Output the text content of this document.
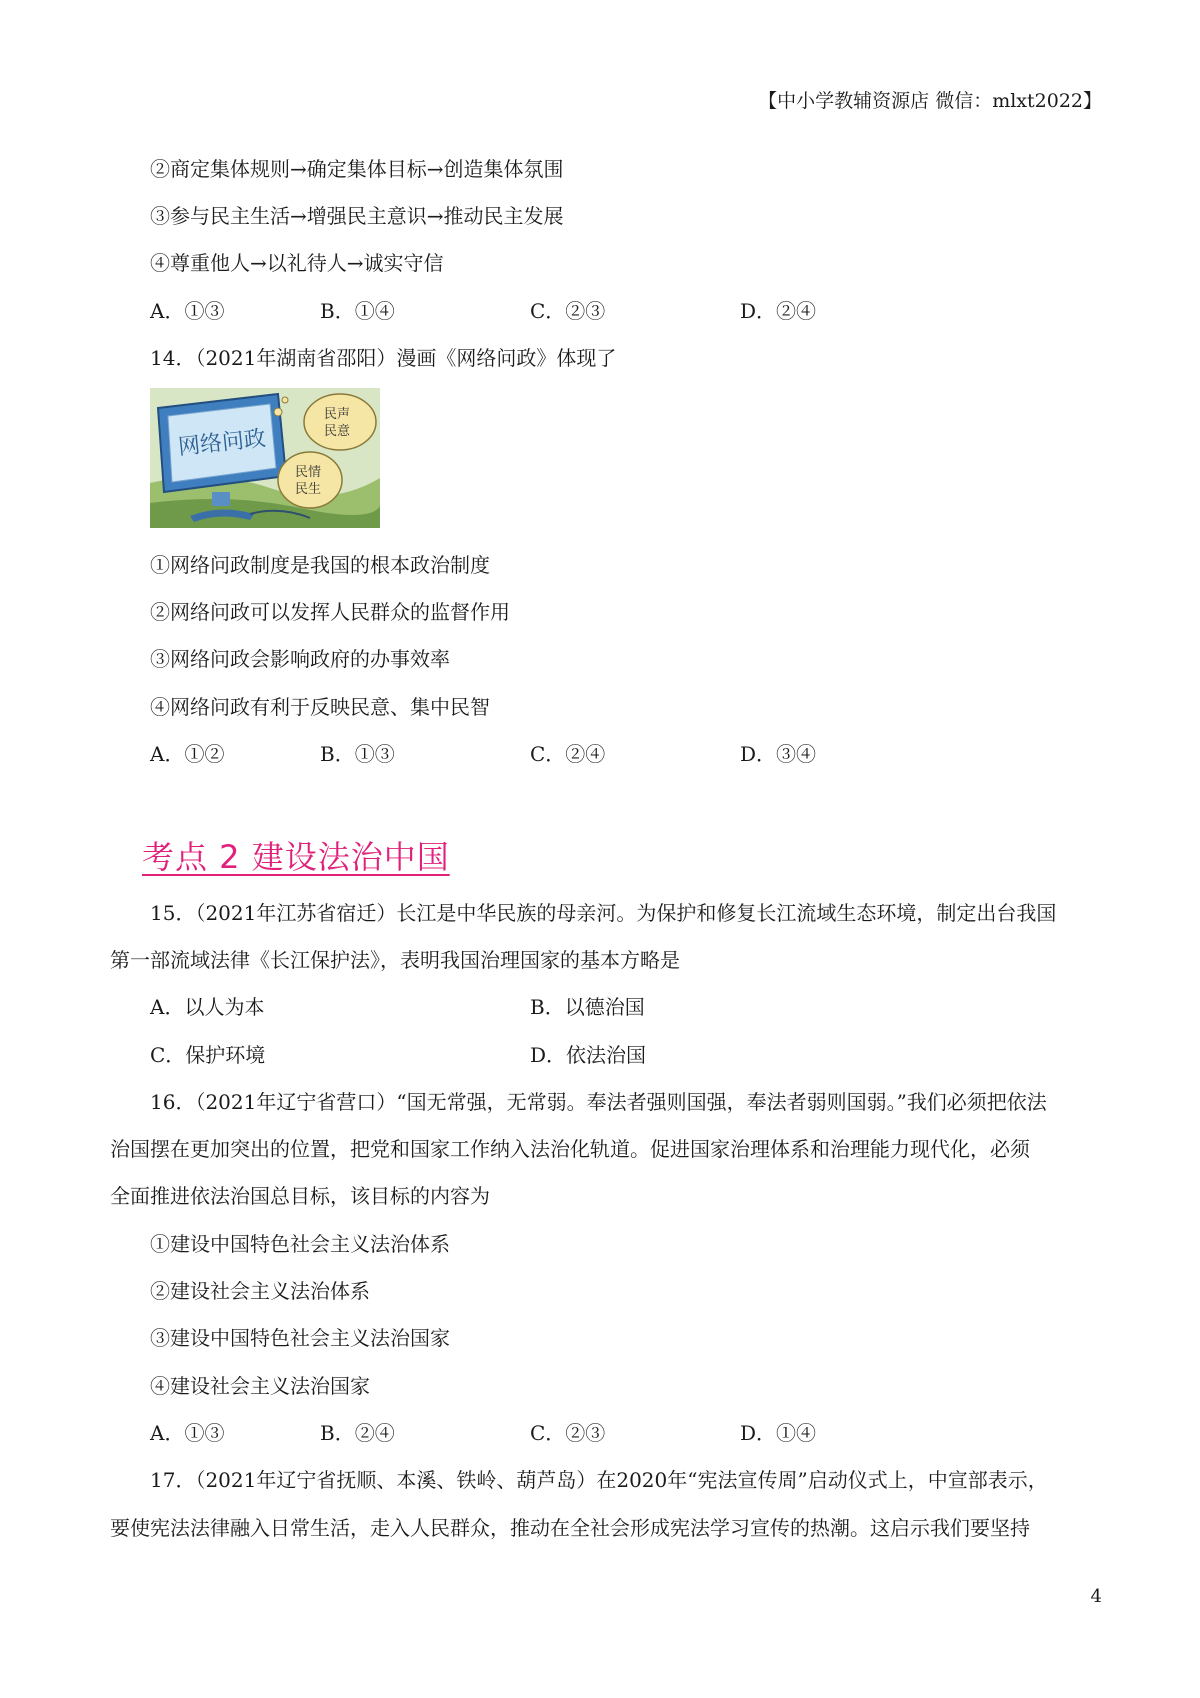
【中小学教辅资源店 微信：mlxt2022】
②商定集体规则→确定集体目标→创造集体氛围
③参与民主生活→增强民主意识→推动民主发展
④尊重他人→以礼待人→诚实守信
A．①③	B．①④	C．②③	D．②④
14．（2021年湖南省邵阳）漫画《网络问政》体现了
网络问政
民声
民意
民情
民生
①网络问政制度是我国的根本政治制度
②网络问政可以发挥人民群众的监督作用
③网络问政会影响政府的办事效率
④网络问政有利于反映民意、集中民智
A．①②	B．①③	C．②④	D．③④
考点 2 建设法治中国
15．（2021年江苏省宿迁）长江是中华民族的母亲河。为保护和修复长江流域生态环境，制定出台我国
第一部流域法律《长江保护法》，表明我国治理国家的基本方略是
A．以人为本	B．以德治国
C．保护环境	D．依法治国
16．（2021年辽宁省营口）“国无常强，无常弱。奉法者强则国强，奉法者弱则国弱。”我们必须把依法
治国摆在更加突出的位置，把党和国家工作纳入法治化轨道。促进国家治理体系和治理能力现代化，必须
全面推进依法治国总目标，该目标的内容为
①建设中国特色社会主义法治体系
②建设社会主义法治体系
③建设中国特色社会主义法治国家
④建设社会主义法治国家
A．①③	B．②④	C．②③	D．①④
17．（2021年辽宁省抚顺、本溪、铁岭、葫芦岛）在2020年“宪法宣传周”启动仪式上，中宣部表示，
要使宪法法律融入日常生活，走入人民群众，推动在全社会形成宪法学习宣传的热潮。这启示我们要坚持
4
